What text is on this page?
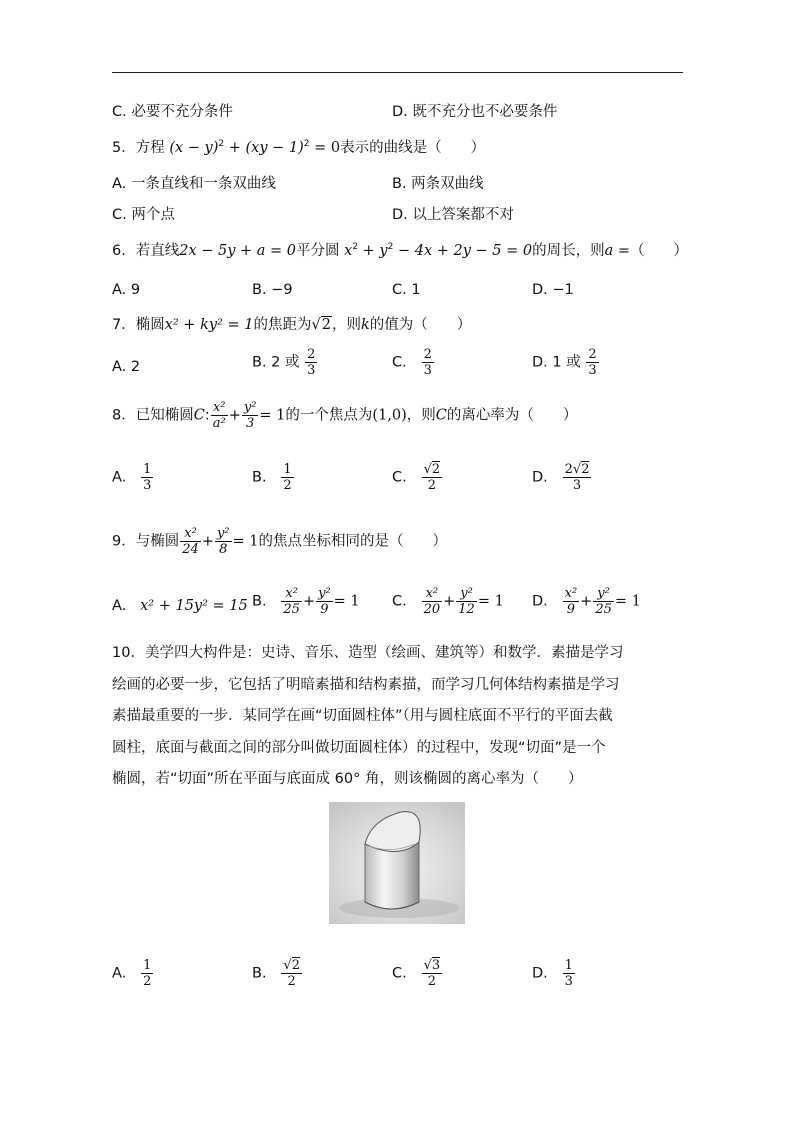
C. 必要不充分条件	D. 既不充分也不必要条件
5．方程 $(x - y)^2 + (xy - 1)^2 = 0$表示的曲线是（　　）
A. 一条直线和一条双曲线	B. 两条双曲线
C. 两个点	D. 以上答案都不对
6．若直线2x − 5y + a = 0平分圆 $x^2 + y^2 - 4x + 2y - 5 = 0$的周长，则a =（　　）
A. 9	B. −9	C. 1	D. −1
7．椭圆x² + ky² = 1的焦距为√2，则k的值为（　　）
A. 2	B. 2 或 $\frac{2}{3}$	C. $\frac{2}{3}$	D. 1 或 $\frac{2}{3}$
8．已知椭圆C: $\frac{\text{x²}}{\text{a²}} + \frac{\text{y²}}{3} = 1$的一个焦点为(1,0)，则C的离心率为（　　）
A. $\frac{1}{3}$	B. $\frac{1}{2}$	C. $\frac{√2}{2}$	D. $\frac{2√2}{3}$
9．与椭圆 $\frac{\text{x²}}{24} + \frac{\text{y²}}{8} = 1$的焦点坐标相同的是（　　）
A. x² + 15y² = 15 B. $\frac{\text{x²}}{25} + \frac{\text{y²}}{9} = 1$ C. $\frac{\text{x²}}{20} + \frac{\text{y²}}{12} = 1$ D. $\frac{\text{x²}}{9} + \frac{\text{y²}}{25} = 1$
10．美学四大构件是：史诗、音乐、造型（绘画、建筑等）和数学．素描是学习
绘画的必要一步，它包括了明暗素描和结构素描，而学习几何体结构素描是学习
素描最重要的一步．某同学在画“切面圆柱体”（用与圆柱底面不平行的平面去截
圆柱，底面与截面之间的部分叫做切面圆柱体）的过程中，发现“切面”是一个
椭圆，若“切面”所在平面与底面成 60° 角，则该椭圆的离心率为（　　）
A. $\frac{1}{2}$	B. $\frac{√2}{2}$	C. $\frac{√3}{2}$	D. $\frac{1}{3}$
